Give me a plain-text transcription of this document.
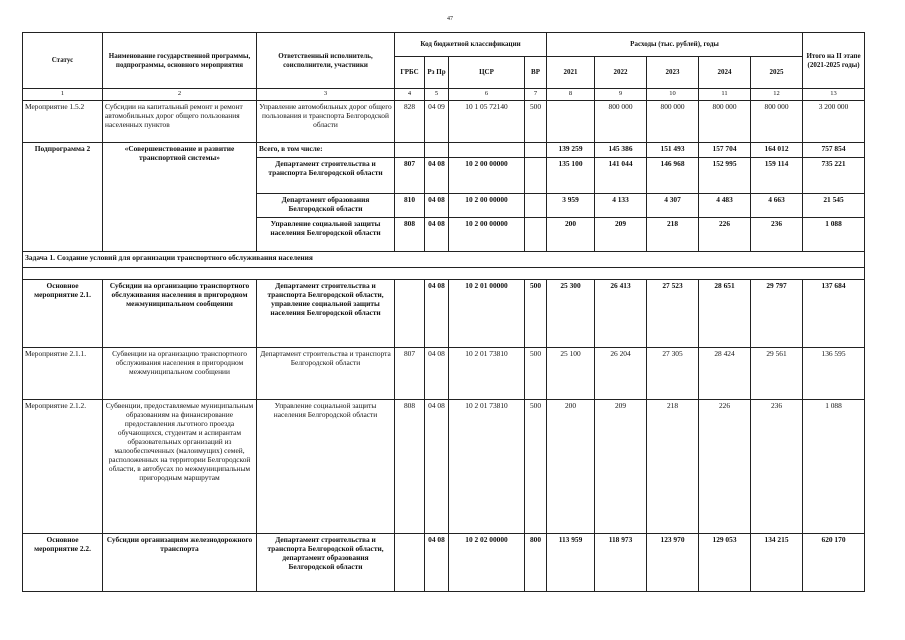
47
Статус	Наименование государственной программы, подпрограммы, основного мероприятия	Ответственный исполнитель, соисполнители, участники	Код бюджетной классификации				Расходы (тыс. рублей), годы					Итого на II этапе (2021-2025 годы)
			ГРБС	Рз Пр	ЦСР	ВР	2021	2022	2023	2024	2025	
1	2	3	4	5	6	7	8	9	10	11	12	13
Мероприятие 1.5.2	Субсидии на капитальный ремонт и ремонт автомобильных дорог общего пользования населенных пунктов	Управление автомобильных дорог общего пользования и транспорта Белгородской области	828	04 09	10 1 05 72140	500		800 000	800 000	800 000	800 000	3 200 000
Подпрограмма 2	«Совершенствование и развитие транспортной системы»	Всего, в том числе:					139 259	145 386	151 493	157 704	164 012	757 854
		Департамент строительства и транспорта Белгородской области	807	04 08	10 2 00 00000		135 100	141 044	146 968	152 995	159 114	735 221
		Департамент образования Белгородской области	810	04 08	10 2 00 00000		3 959	4 133	4 307	4 483	4 663	21 545
		Управление социальной защиты населения Белгородской области	808	04 08	10 2 00 00000		200	209	218	226	236	1 088
Задача 1. Создание условий для организации транспортного обслуживания населения												

Основное мероприятие 2.1.	Субсидии на организацию транспортного обслуживания населения в пригородном межмуниципальном сообщении	Департамент строительства и транспорта Белгородской области, управление социальной защиты населения Белгородской области		04 08	10 2 01 00000	500	25 300	26 413	27 523	28 651	29 797	137 684
Мероприятие 2.1.1.	Субвенции на организацию транспортного обслуживания населения в пригородном межмуниципальном сообщении	Департамент строительства и транспорта Белгородской области	807	04 08	10 2 01 73810	500	25 100	26 204	27 305	28 424	29 561	136 595
Мероприятие 2.1.2.	Субвенции, предоставляемые муниципальным образованиям на финансирование предоставления льготного проезда обучающихся, студентам и аспирантам образовательных организаций из малообеспеченных (малоимущих) семей, расположенных на территории Белгородской области, в автобусах по межмуниципальным пригородным маршрутам	Управление социальной защиты населения Белгородской области	808	04 08	10 2 01 73810	500	200	209	218	226	236	1 088
Основное мероприятие 2.2.	Субсидии организациям железнодорожного транспорта	Департамент строительства и транспорта Белгородской области, департамент образования Белгородской области		04 08	10 2 02 00000	800	113 959	118 973	123 970	129 053	134 215	620 170
